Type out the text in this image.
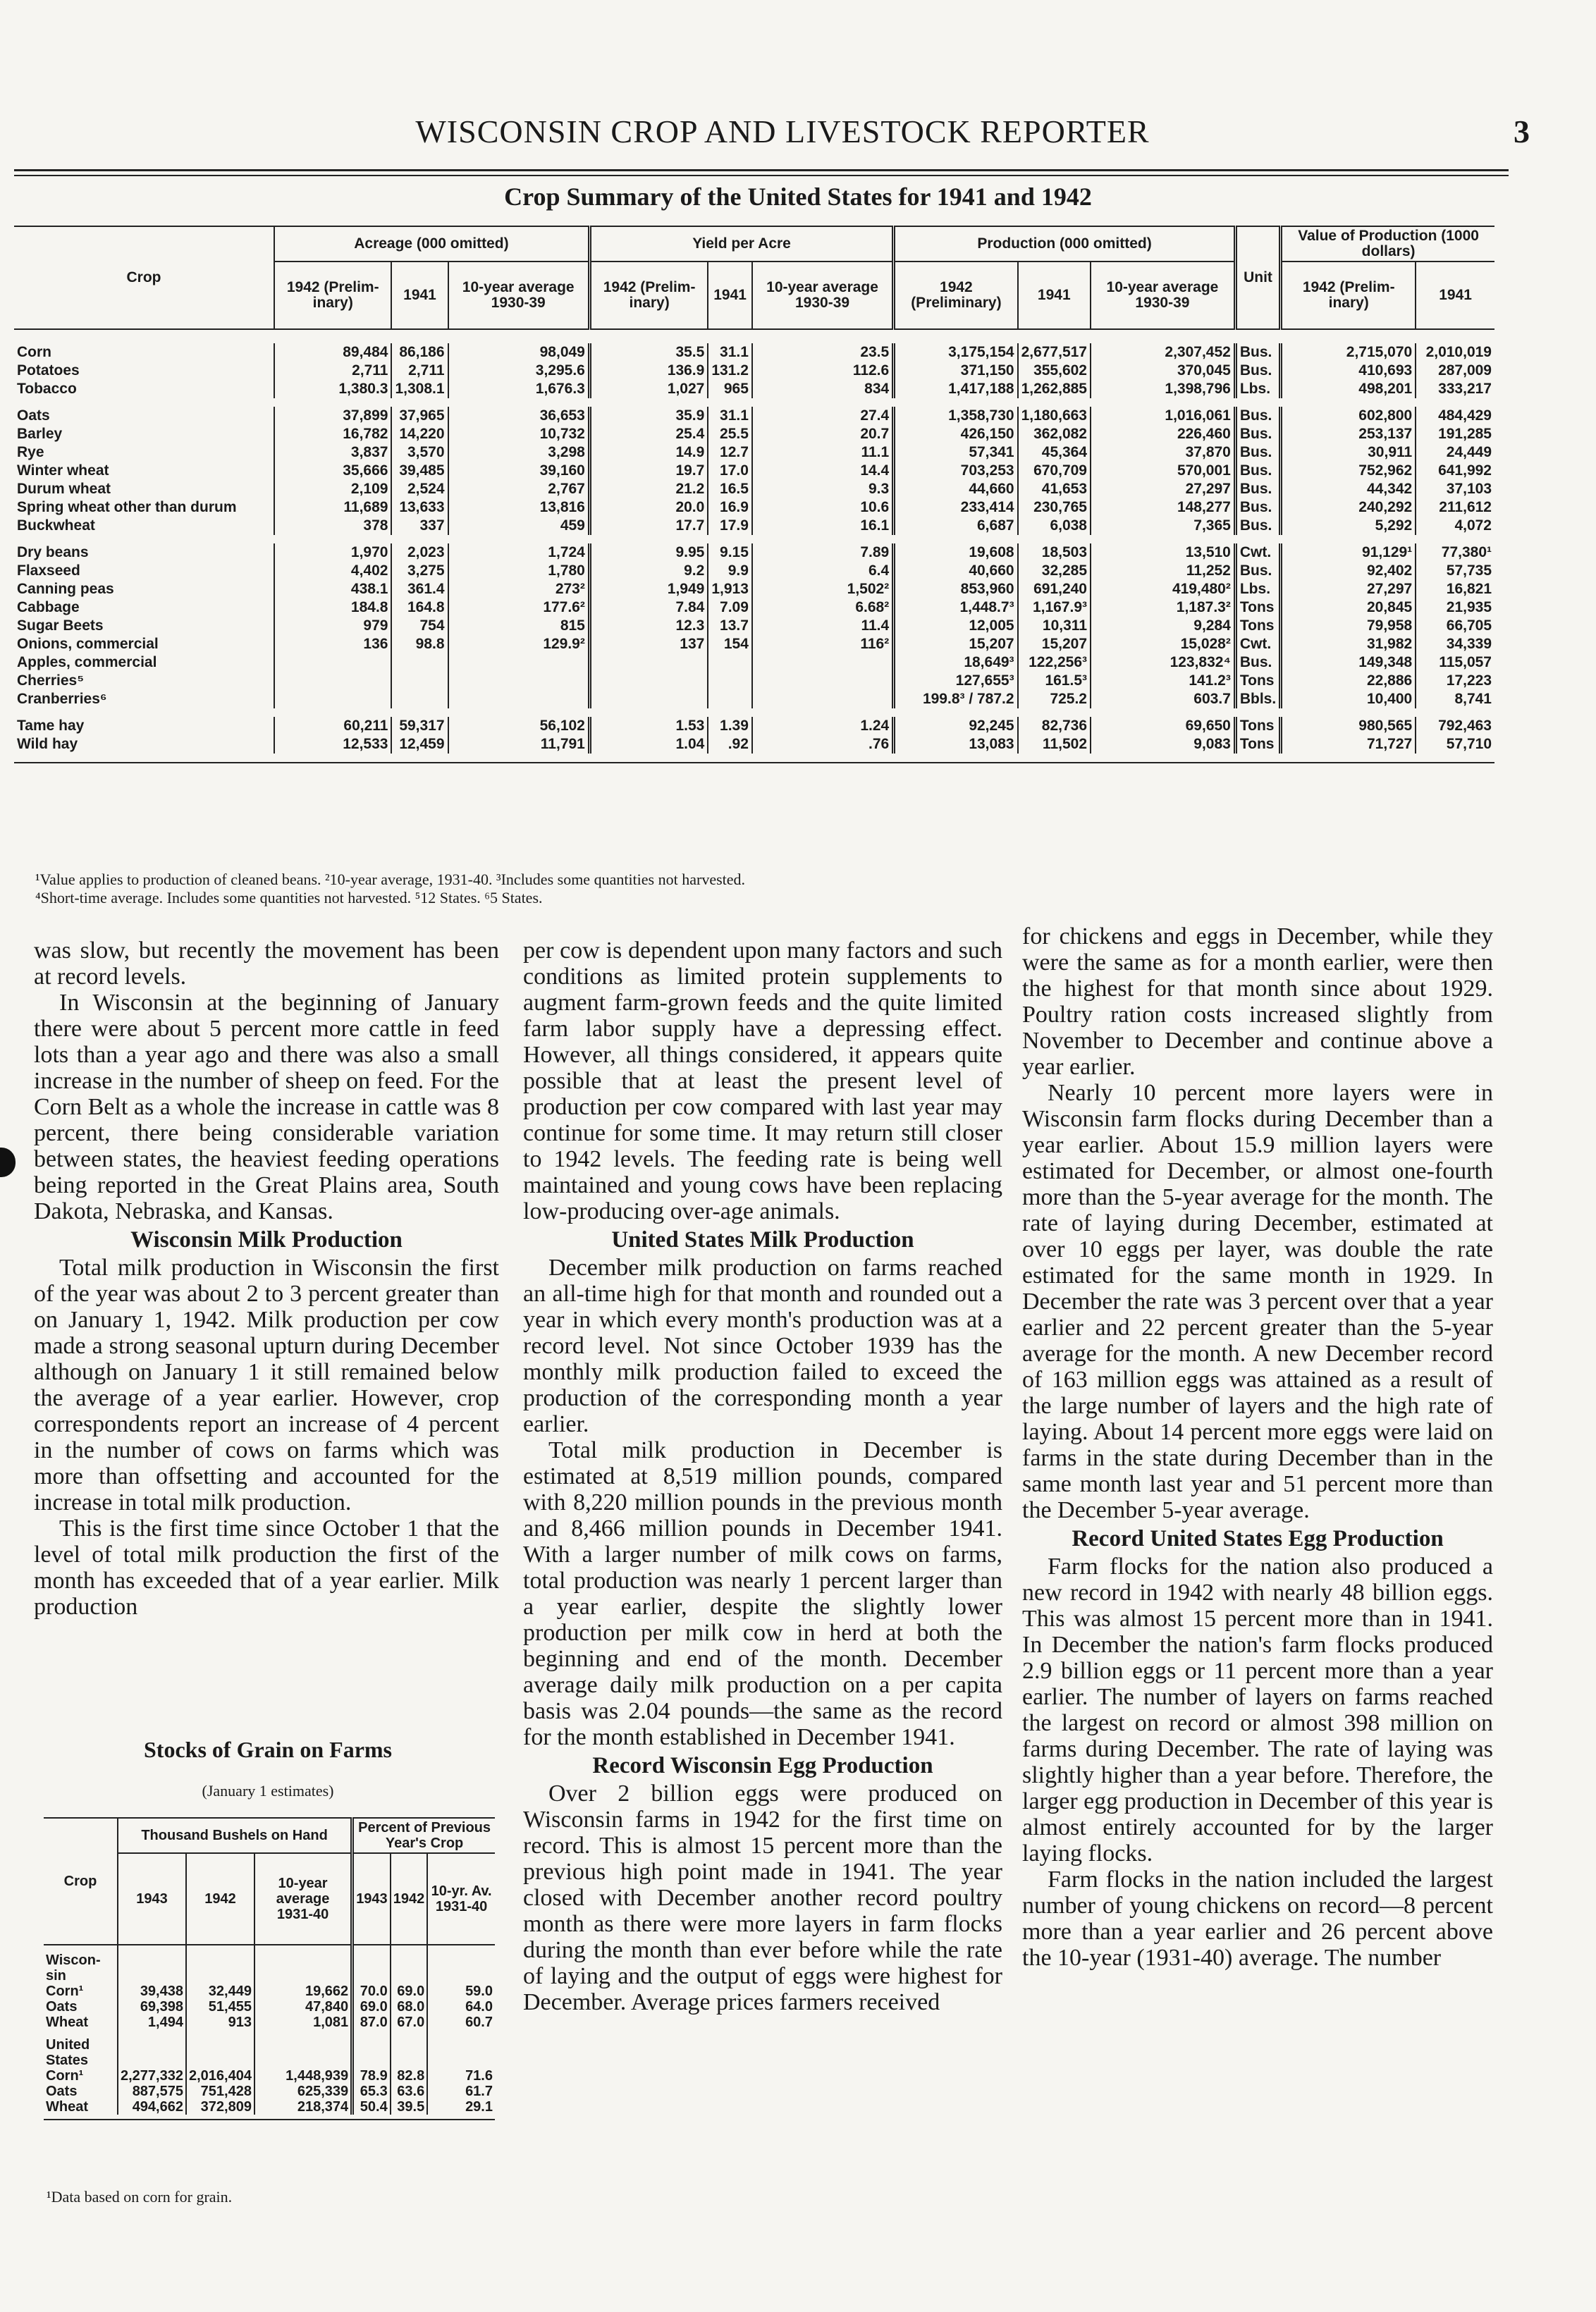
WISCONSIN CROP AND LIVESTOCK REPORTER	3
Crop Summary of the United States for 1941 and 1942
Crop	Acreage (000 omitted)			Yield per Acre			Production (000 omitted)			Unit	Value of Production (1000 dollars)	
	1942 (Prelim- inary)	1941	10-year average 1930-39	1942 (Prelim- inary)	1941	10-year average 1930-39	1942 (Preliminary)	1941	10-year average 1930-39		1942 (Prelim- inary)	1941

Corn	89,484	86,186	98,049	35.5	31.1	23.5	3,175,154	2,677,517	2,307,452	Bus.	2,715,070	2,010,019
Potatoes	2,711	2,711	3,295.6	136.9	131.2	112.6	371,150	355,602	370,045	Bus.	410,693	287,009
Tobacco	1,380.3	1,308.1	1,676.3	1,027	965	834	1,417,188	1,262,885	1,398,796	Lbs.	498,201	333,217

Oats	37,899	37,965	36,653	35.9	31.1	27.4	1,358,730	1,180,663	1,016,061	Bus.	602,800	484,429
Barley	16,782	14,220	10,732	25.4	25.5	20.7	426,150	362,082	226,460	Bus.	253,137	191,285
Rye	3,837	3,570	3,298	14.9	12.7	11.1	57,341	45,364	37,870	Bus.	30,911	24,449
Winter wheat	35,666	39,485	39,160	19.7	17.0	14.4	703,253	670,709	570,001	Bus.	752,962	641,992
Durum wheat	2,109	2,524	2,767	21.2	16.5	9.3	44,660	41,653	27,297	Bus.	44,342	37,103
Spring wheat other than durum	11,689	13,633	13,816	20.0	16.9	10.6	233,414	230,765	148,277	Bus.	240,292	211,612
Buckwheat	378	337	459	17.7	17.9	16.1	6,687	6,038	7,365	Bus.	5,292	4,072

Dry beans	1,970	2,023	1,724	9.95	9.15	7.89	19,608	18,503	13,510	Cwt.	91,129¹	77,380¹
Flaxseed	4,402	3,275	1,780	9.2	9.9	6.4	40,660	32,285	11,252	Bus.	92,402	57,735
Canning peas	438.1	361.4	273²	1,949	1,913	1,502²	853,960	691,240	419,480²	Lbs.	27,297	16,821
Cabbage	184.8	164.8	177.6²	7.84	7.09	6.68²	1,448.7³	1,167.9³	1,187.3²	Tons	20,845	21,935
Sugar Beets	979	754	815	12.3	13.7	11.4	12,005	10,311	9,284	Tons	79,958	66,705
Onions, commercial	136	98.8	129.9²	137	154	116²	15,207	15,207	15,028²	Cwt.	31,982	34,339
Apples, commercial							18,649³	122,256³	123,832⁴	Bus.	149,348	115,057
Cherries⁵							127,655³	161.5³	141.2³	Tons	22,886	17,223
Cranberries⁶							199.8³ / 787.2	725.2	603.7	Bbls.	10,400	8,741

Tame hay	60,211	59,317	56,102	1.53	1.39	1.24	92,245	82,736	69,650	Tons	980,565	792,463
Wild hay	12,533	12,459	11,791	1.04	.92	.76	13,083	11,502	9,083	Tons	71,727	57,710

¹Value applies to production of cleaned beans. ²10-year average, 1931-40. ³Includes some quantities not harvested.
⁴Short-time average. Includes some quantities not harvested. ⁵12 States. ⁶5 States.

was slow, but recently the movement has been at record levels.

In Wisconsin at the beginning of January there were about 5 percent more cattle in feed lots than a year ago and there was also a small increase in the number of sheep on feed. For the Corn Belt as a whole the increase in cattle was 8 percent, there being considerable variation between states, the heaviest feeding operations being reported in the Great Plains area, South Dakota, Nebraska, and Kansas.

Wisconsin Milk Production

Total milk production in Wisconsin the first of the year was about 2 to 3 percent greater than on January 1, 1942. Milk production per cow made a strong seasonal upturn during December although on January 1 it still remained below the average of a year earlier. However, crop correspondents report an increase of 4 percent in the number of cows on farms which was more than offsetting and accounted for the increase in total milk production.

This is the first time since October 1 that the level of total milk production the first of the month has exceeded that of a year earlier. Milk production

Stocks of Grain on Farms
(January 1 estimates)
Crop	Thousand Bushels on Hand			Percent of Previous Year's Crop		
	1943	1942	10-year average 1931-40	1943	1942	10-yr. Av. 1931-40
Wiscon- sin						
Corn¹	39,438	32,449	19,662	70.0	69.0	59.0
Oats	69,398	51,455	47,840	69.0	68.0	64.0
Wheat	1,494	913	1,081	87.0	67.0	60.7
United States						
Corn¹	2,277,332	2,016,404	1,448,939	78.9	82.8	71.6
Oats	887,575	751,428	625,339	65.3	63.6	61.7
Wheat	494,662	372,809	218,374	50.4	39.5	29.1

¹Data based on corn for grain.

per cow is dependent upon many factors and such conditions as limited protein supplements to augment farm-grown feeds and the quite limited farm labor supply have a depressing effect. However, all things considered, it appears quite possible that at least the present level of production per cow compared with last year may continue for some time. It may return still closer to 1942 levels. The feeding rate is being well maintained and young cows have been replacing low-producing over-age animals.

United States Milk Production

December milk production on farms reached an all-time high for that month and rounded out a year in which every month's production was at a record level. Not since October 1939 has the monthly milk production failed to exceed the production of the corresponding month a year earlier.

Total milk production in December is estimated at 8,519 million pounds, compared with 8,220 million pounds in the previous month and 8,466 million pounds in December 1941. With a larger number of milk cows on farms, total production was nearly 1 percent larger than a year earlier, despite the slightly lower production per milk cow in herd at both the beginning and end of the month. December average daily milk production on a per capita basis was 2.04 pounds—the same as the record for the month established in December 1941.

Record Wisconsin Egg Production

Over 2 billion eggs were produced on Wisconsin farms in 1942 for the first time on record. This is almost 15 percent more than the previous high point made in 1941. The year closed with December another record poultry month as there were more layers in farm flocks during the month than ever before while the rate of laying and the output of eggs were highest for December. Average prices farmers received

for chickens and eggs in December, while they were the same as for a month earlier, were then the highest for that month since about 1929. Poultry ration costs increased slightly from November to December and continue above a year earlier.

Nearly 10 percent more layers were in Wisconsin farm flocks during December than a year earlier. About 15.9 million layers were estimated for December, or almost one-fourth more than the 5-year average for the month. The rate of laying during December, estimated at over 10 eggs per layer, was double the rate estimated for the same month in 1929. In December the rate was 3 percent over that a year earlier and 22 percent greater than the 5-year average for the month. A new December record of 163 million eggs was attained as a result of the large number of layers and the high rate of laying. About 14 percent more eggs were laid on farms in the state during December than in the same month last year and 51 percent more than the December 5-year average.

Record United States Egg Production

Farm flocks for the nation also produced a new record in 1942 with nearly 48 billion eggs. This was almost 15 percent more than in 1941. In December the nation's farm flocks produced 2.9 billion eggs or 11 percent more than a year earlier. The number of layers on farms reached the largest on record or almost 398 million on farms during December. The rate of laying was slightly higher than a year before. Therefore, the larger egg production in December of this year is almost entirely accounted for by the larger laying flocks.

Farm flocks in the nation included the largest number of young chickens on record—8 percent more than a year earlier and 26 percent above the 10-year (1931-40) average. The number
